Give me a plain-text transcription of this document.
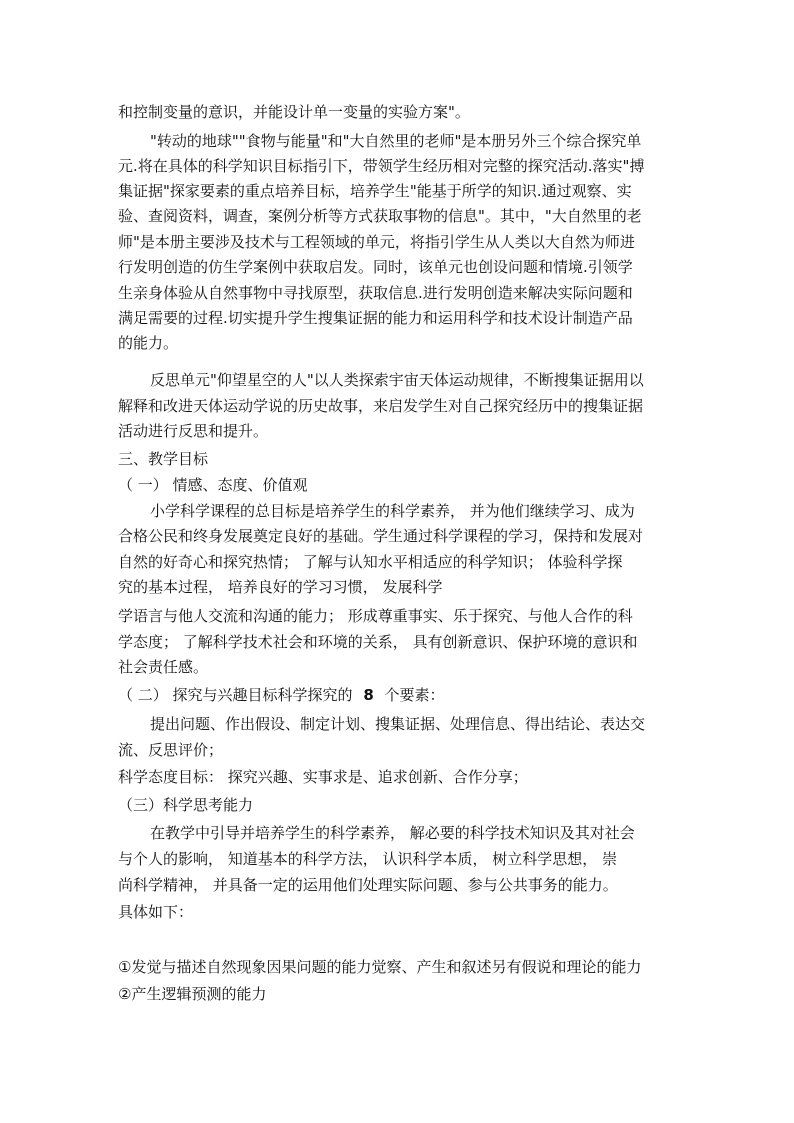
和控制变量的意识，并能设计单一变量的实验方案"。
"转动的地球""食物与能量"和"大自然里的老师"是本册另外三个综合探究单
元.将在具体的科学知识目标指引下，带领学生经历相对完整的探究活动.落实"搏
集证据"探家要素的重点培养目标，培养学生"能基于所学的知识.通过观察、实
验、查阅资料，调查，案例分析等方式获取事物的信息"。其中，"大自然里的老
师"是本册主要涉及技术与工程领域的单元，将指引学生从人类以大自然为师进
行发明创造的仿生学案例中获取启发。同时，该单元也创设问题和情境.引领学
生亲身体验从自然事物中寻找原型，获取信息.进行发明创造来解决实际问题和
满足需要的过程.切实提升学生搜集证据的能力和运用科学和技术设计制造产品
的能力。
反思单元"仰望星空的人"以人类探索宇宙天体运动规律，不断搜集证据用以
解释和改进天体运动学说的历史故事，来启发学生对自己探究经历中的搜集证据
活动进行反思和提升。
三、教学目标
（ 一） 情感、态度、价值观
小学科学课程的总目标是培养学生的科学素养， 并为他们继续学习、成为
合格公民和终身发展奠定良好的基础。学生通过科学课程的学习，保持和发展对
自然的好奇心和探究热情； 了解与认知水平相适应的科学知识； 体验科学探
究的基本过程， 培养良好的学习习惯， 发展科学
学语言与他人交流和沟通的能力； 形成尊重事实、乐于探究、与他人合作的科
学态度； 了解科学技术社会和环境的关系， 具有创新意识、保护环境的意识和
社会责任感。
（ 二） 探究与兴趣目标科学探究的 8 个要素：
提出问题、作出假设、制定计划、搜集证据、处理信息、得出结论、表达交
流、反思评价；
科学态度目标： 探究兴趣、实事求是、追求创新、合作分享；
（三）科学思考能力
在教学中引导并培养学生的科学素养， 解必要的科学技术知识及其对社会
与个人的影响， 知道基本的科学方法， 认识科学本质， 树立科学思想， 崇
尚科学精神， 并具备一定的运用他们处理实际问题、参与公共事务的能力。
具体如下：
①发觉与描述自然现象因果问题的能力觉察、产生和叙述另有假说和理论的能力
②产生逻辑预测的能力
